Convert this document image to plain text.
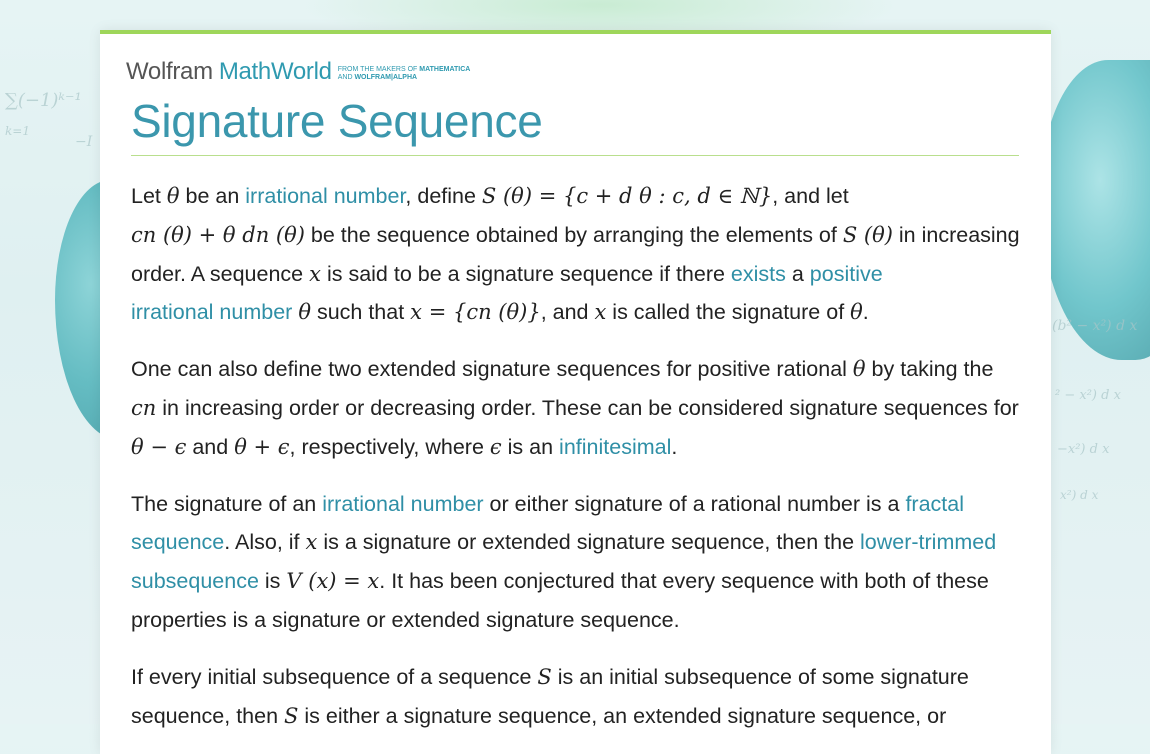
∑(−1)ᵏ⁻¹
k=1
−I
(b² − x²) d x
² − x²) d x
−x²) d x
x²) d x
Wolfram MathWorld FROM THE MAKERS OF MATHEMATICA
AND WOLFRAM|ALPHA
Signature Sequence

Let θ be an irrational number, define S (θ) = {c + d θ : c, d ∈ ℕ}, and let
cn (θ) + θ dn (θ) be the sequence obtained by arranging the elements of S (θ) in increasing order. A sequence x is said to be a signature sequence if there exists a positive
irrational number θ such that x = {cn (θ)}, and x is called the signature of θ.

One can also define two extended signature sequences for positive rational θ by taking the cn in increasing order or decreasing order. These can be considered signature sequences for θ − ϵ and θ + ϵ, respectively, where ϵ is an infinitesimal.

The signature of an irrational number or either signature of a rational number is a fractal sequence. Also, if x is a signature or extended signature sequence, then the lower-trimmed subsequence is V (x) = x. It has been conjectured that every sequence with both of these properties is a signature or extended signature sequence.

If every initial subsequence of a sequence S is an initial subsequence of some signature sequence, then S is either a signature sequence, an extended signature sequence, or
